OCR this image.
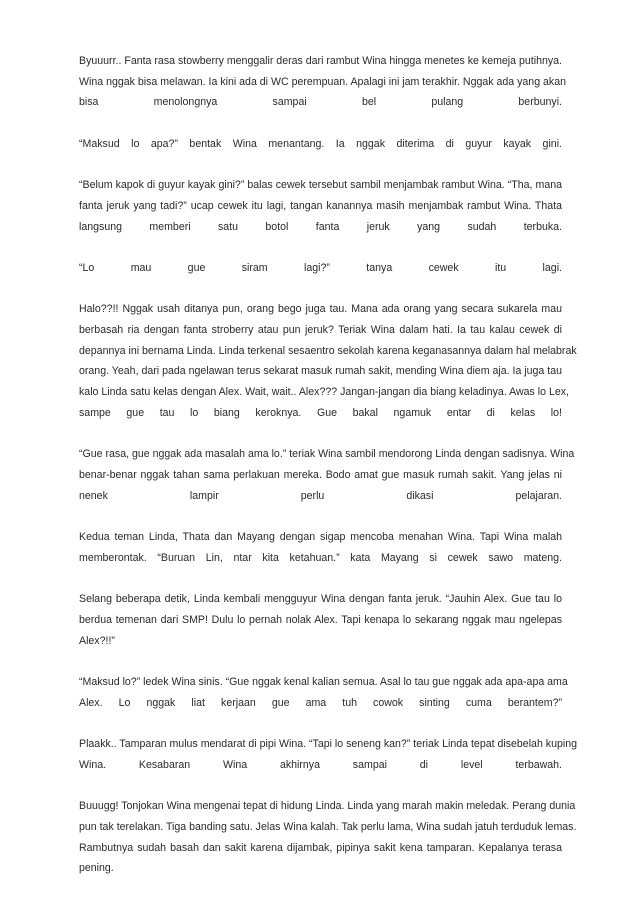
Byuuurr.. Fanta rasa stowberry menggalir deras dari rambut Wina hingga menetes ke kemeja putihnya.
Wina nggak bisa melawan. Ia kini ada di WC perempuan. Apalagi ini jam terakhir. Nggak ada yang akan
bisa menolongnya sampai bel pulang berbunyi.

“Maksud lo apa?” bentak Wina menantang. Ia nggak diterima di guyur kayak gini.

“Belum kapok di guyur kayak gini?” balas cewek tersebut sambil menjambak rambut Wina. “Tha, mana
fanta jeruk yang tadi?” ucap cewek itu lagi, tangan kanannya masih menjambak rambut Wina. Thata
langsung memberi satu botol fanta jeruk yang sudah terbuka.

“Lo mau gue siram lagi?” tanya cewek itu lagi.

Halo??!! Nggak usah ditanya pun, orang bego juga tau. Mana ada orang yang secara sukarela mau
berbasah ria dengan fanta stroberry atau pun jeruk? Teriak Wina dalam hati. Ia tau kalau cewek di
depannya ini bernama Linda. Linda terkenal sesaentro sekolah karena keganasannya dalam hal melabrak
orang. Yeah, dari pada ngelawan terus sekarat masuk rumah sakit, mending Wina diem aja. Ia juga tau
kalo Linda satu kelas dengan Alex. Wait, wait.. Alex??? Jangan-jangan dia biang keladinya. Awas lo Lex,
sampe gue tau lo biang keroknya. Gue bakal ngamuk entar di kelas lo!

“Gue rasa, gue nggak ada masalah ama lo.” teriak Wina sambil mendorong Linda dengan sadisnya. Wina
benar-benar nggak tahan sama perlakuan mereka. Bodo amat gue masuk rumah sakit. Yang jelas ni
nenek lampir perlu dikasi pelajaran.

Kedua teman Linda, Thata dan Mayang dengan sigap mencoba menahan Wina. Tapi Wina malah
memberontak. “Buruan Lin, ntar kita ketahuan.” kata Mayang si cewek sawo mateng.

Selang beberapa detik, Linda kembali mengguyur Wina dengan fanta jeruk. “Jauhin Alex. Gue tau lo
berdua temenan dari SMP! Dulu lo pernah nolak Alex. Tapi kenapa lo sekarang nggak mau ngelepas
Alex?!!”

“Maksud lo?” ledek Wina sinis. “Gue nggak kenal kalian semua. Asal lo tau gue nggak ada apa-apa ama
Alex. Lo nggak liat kerjaan gue ama tuh cowok sinting cuma berantem?”

Plaakk.. Tamparan mulus mendarat di pipi Wina. “Tapi lo seneng kan?” teriak Linda tepat disebelah kuping
Wina. Kesabaran Wina akhirnya sampai di level terbawah.

Buuugg! Tonjokan Wina mengenai tepat di hidung Linda. Linda yang marah makin meledak. Perang dunia
pun tak terelakan. Tiga banding satu. Jelas Wina kalah. Tak perlu lama, Wina sudah jatuh terduduk lemas.
Rambutnya sudah basah dan sakit karena dijambak, pipinya sakit kena tamparan. Kepalanya terasa
pening.
